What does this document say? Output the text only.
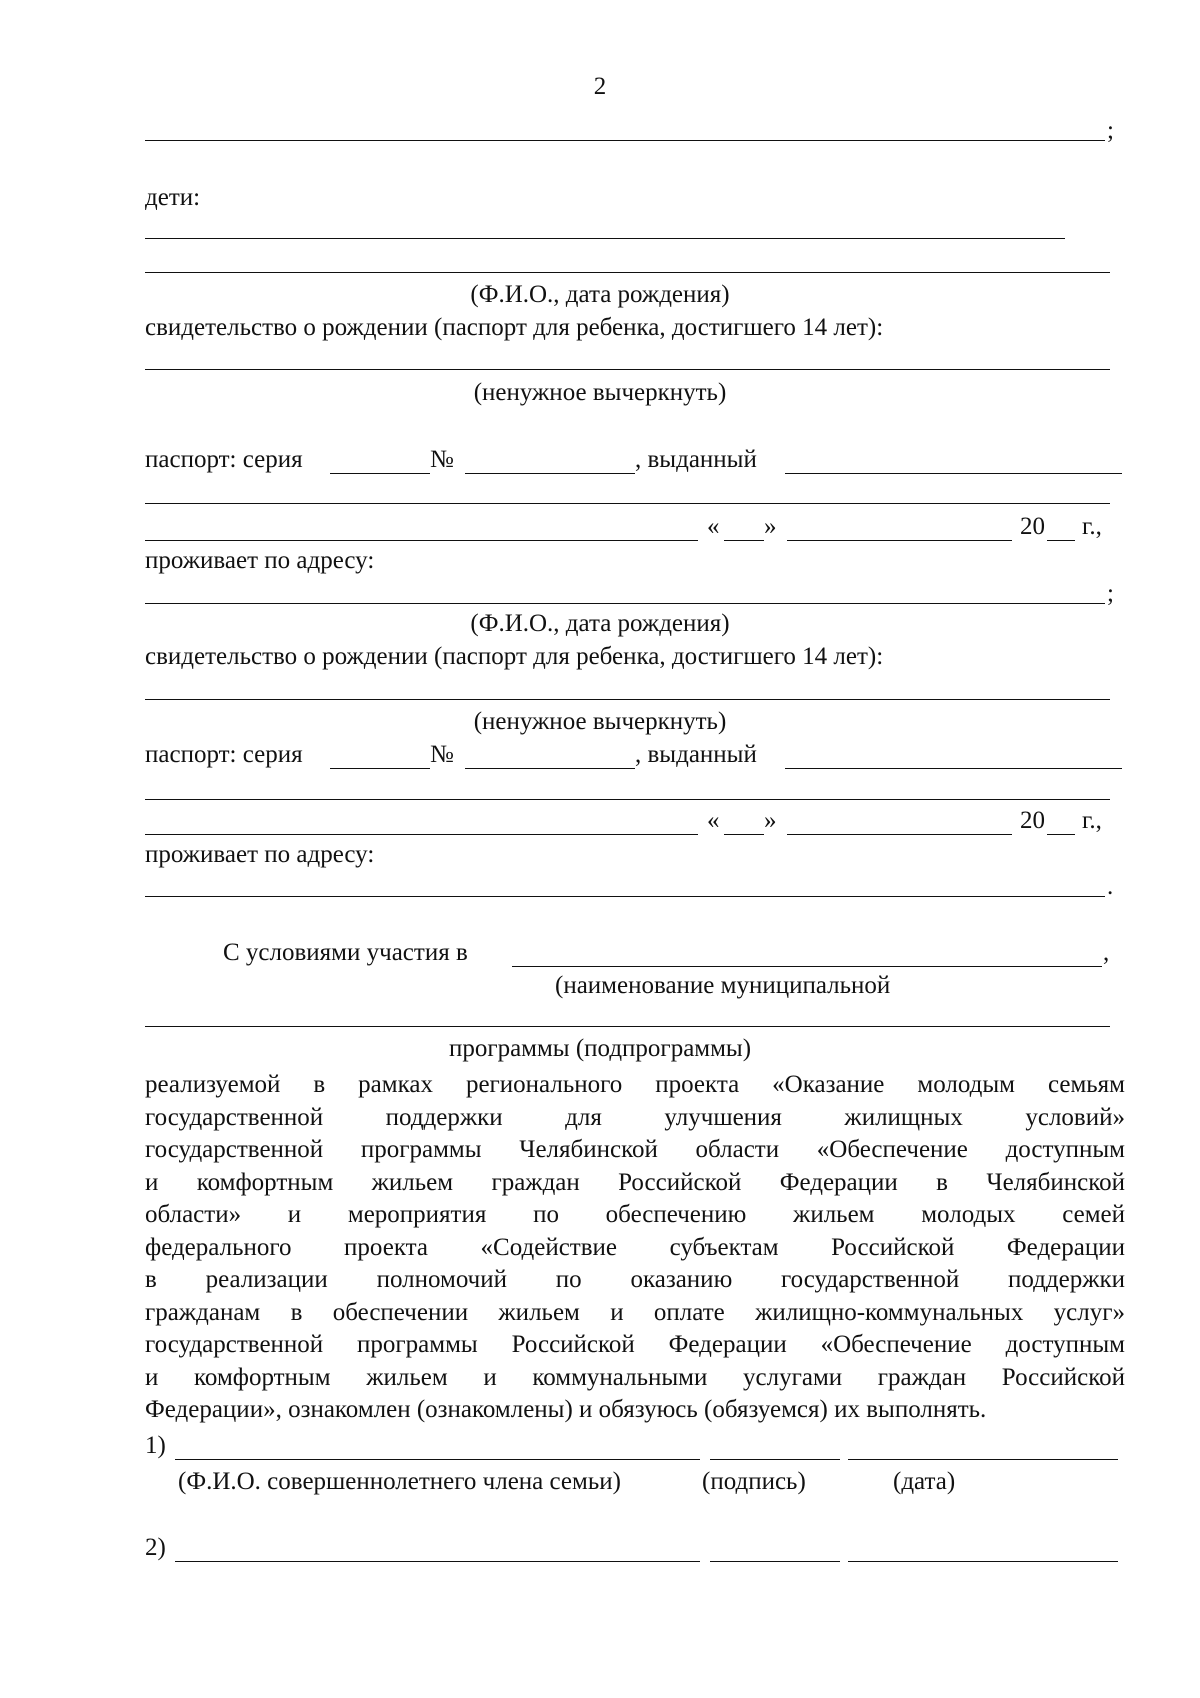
2
;
дети:
(Ф.И.О., дата рождения)
свидетельство о рождении (паспорт для ребенка, достигшего 14 лет):
(ненужное вычеркнуть)
паспорт: серия	№	, выданный
« »	20 г.,
проживает по адресу:
;
(Ф.И.О., дата рождения)
свидетельство о рождении (паспорт для ребенка, достигшего 14 лет):
(ненужное вычеркнуть)
паспорт: серия	№	, выданный
« »	20 г.,
проживает по адресу:
.
С условиями участия в	,
(наименование муниципальной
программы (подпрограммы)
реализуемой в рамках регионального проекта «Оказание молодым семьям
государственной поддержки для улучшения жилищных условий»
государственной программы Челябинской области «Обеспечение доступным
и комфортным жильем граждан Российской Федерации в Челябинской
области» и мероприятия по обеспечению жильем молодых семей
федерального проекта «Содействие субъектам Российской Федерации
в реализации полномочий по оказанию государственной поддержки
гражданам в обеспечении жильем и оплате жилищно-коммунальных услуг»
государственной программы Российской Федерации «Обеспечение доступным
и комфортным жильем и коммунальными услугами граждан Российской
Федерации», ознакомлен (ознакомлены) и обязуюсь (обязуемся) их выполнять.
1)
(Ф.И.О. совершеннолетнего члена семьи)	(подпись)	(дата)
2)
